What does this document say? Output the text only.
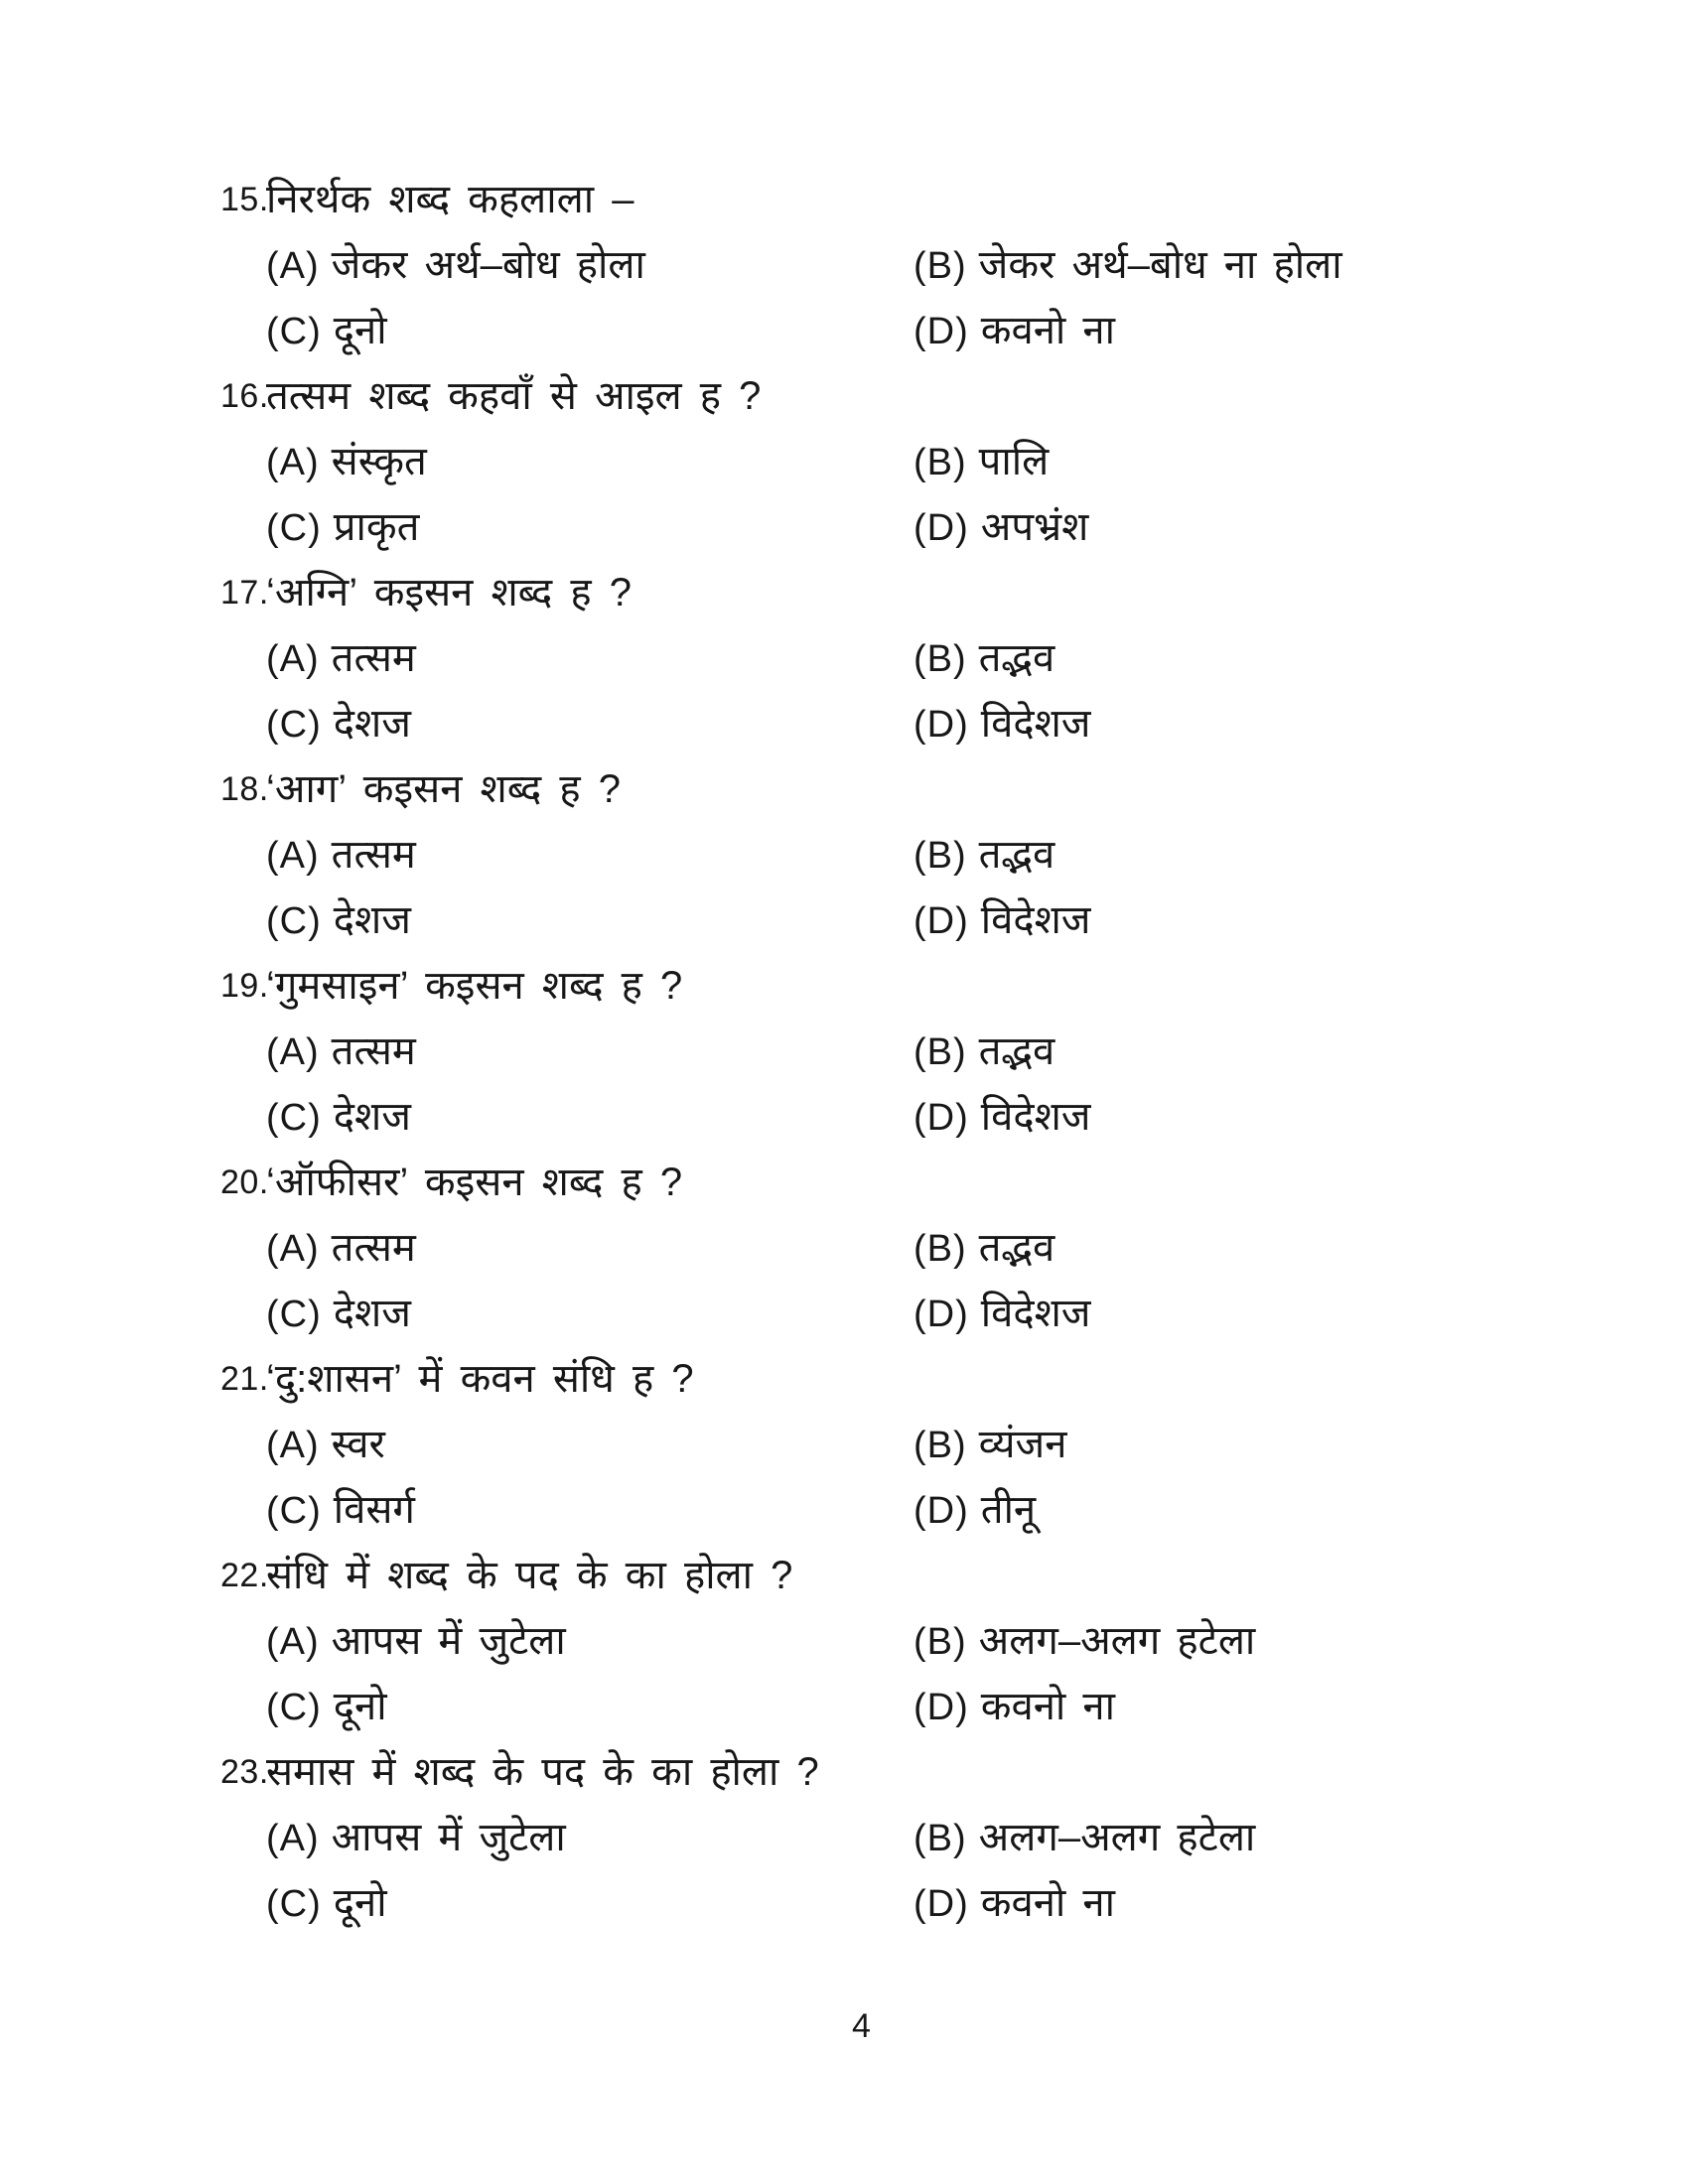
15.
निरर्थक शब्द कहलाला –
(A) जेकर अर्थ–बोध होला	(B) जेकर अर्थ–बोध ना होला
(C) दूनो	(D) कवनो ना
16.
तत्सम शब्द कहवाँ से आइल ह ?
(A) संस्कृत	(B) पालि
(C) प्राकृत	(D) अपभ्रंश
17.
‘अग्नि’ कइसन शब्द ह ?
(A) तत्सम	(B) तद्भव
(C) देशज	(D) विदेशज
18.
‘आग’ कइसन शब्द ह ?
(A) तत्सम	(B) तद्भव
(C) देशज	(D) विदेशज
19.
‘गुमसाइन’ कइसन शब्द ह ?
(A) तत्सम	(B) तद्भव
(C) देशज	(D) विदेशज
20.
‘ऑफीसर’ कइसन शब्द ह ?
(A) तत्सम	(B) तद्भव
(C) देशज	(D) विदेशज
21.
‘दु:शासन’ में कवन संधि ह ?
(A) स्वर	(B) व्यंजन
(C) विसर्ग	(D) तीनू
22.
संधि में शब्द के पद के का होला ?
(A) आपस में जुटेला	(B) अलग–अलग हटेला
(C) दूनो	(D) कवनो ना
23.
समास में शब्द के पद के का होला ?
(A) आपस में जुटेला	(B) अलग–अलग हटेला
(C) दूनो	(D) कवनो ना
4
